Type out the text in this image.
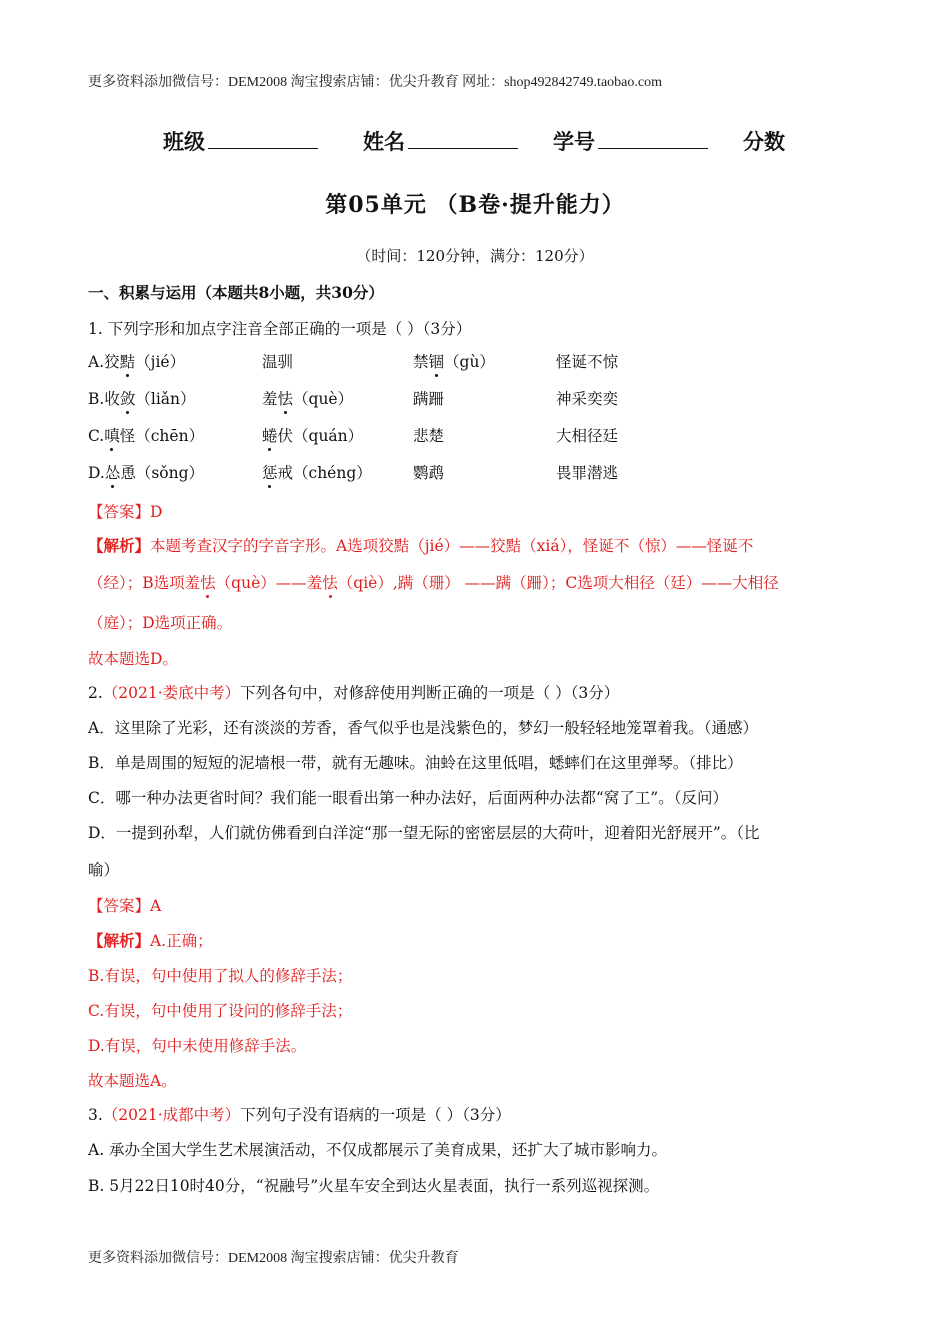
更多资料添加微信号：DEM2008 淘宝搜索店铺：优尖升教育 网址：shop492842749.taobao.com
班级	姓名	学号	分数
第05单元 （B卷·提升能力）
（时间：120分钟，满分：120分）
一、积累与运用（本题共8小题，共30分）
1. 下列字形和加点字注音全部正确的一项是（ ）（3分）
A.狡黠（jié）	温驯	禁锢（gù）	怪诞不惊
B.收敛（liǎn）	羞怯（què）	蹒跚	神采奕奕
C.嗔怪（chēn）	蜷伏（quán）	悲楚	大相径廷
D.怂恿（sǒng）	惩戒（chéng）	鹦鹉	畏罪潜逃
【答案】D
【解析】本题考查汉字的字音字形。A选项狡黠（jié）——狡黠（xiá），怪诞不（惊）——怪诞不
（经）；B选项羞怯（què）——羞怯（qiè）,蹒（珊） ——蹒（跚）；C选项大相径（廷）——大相径
（庭）；D选项正确。
故本题选D。
2.（2021·娄底中考）下列各句中，对修辞使用判断正确的一项是（ ）（3分）
A．这里除了光彩，还有淡淡的芳香，香气似乎也是浅紫色的，梦幻一般轻轻地笼罩着我。（通感）
B．单是周围的短短的泥墙根一带，就有无趣味。油蛉在这里低唱，蟋蟀们在这里弹琴。（排比）
C．哪一种办法更省时间？我们能一眼看出第一种办法好，后面两种办法都“窝了工”。（反问）
D．一提到孙犁，人们就仿佛看到白洋淀“那一望无际的密密层层的大荷叶，迎着阳光舒展开”。（比
喻）
【答案】A
【解析】A.正确；
B.有误，句中使用了拟人的修辞手法；
C.有误，句中使用了设问的修辞手法；
D.有误，句中未使用修辞手法。
故本题选A。
3.（2021·成都中考）下列句子没有语病的一项是（ ）（3分）
A. 承办全国大学生艺术展演活动，不仅成都展示了美育成果，还扩大了城市影响力。
B. 5月22日10时40分，“祝融号”火星车安全到达火星表面，执行一系列巡视探测。
更多资料添加微信号：DEM2008 淘宝搜索店铺：优尖升教育
